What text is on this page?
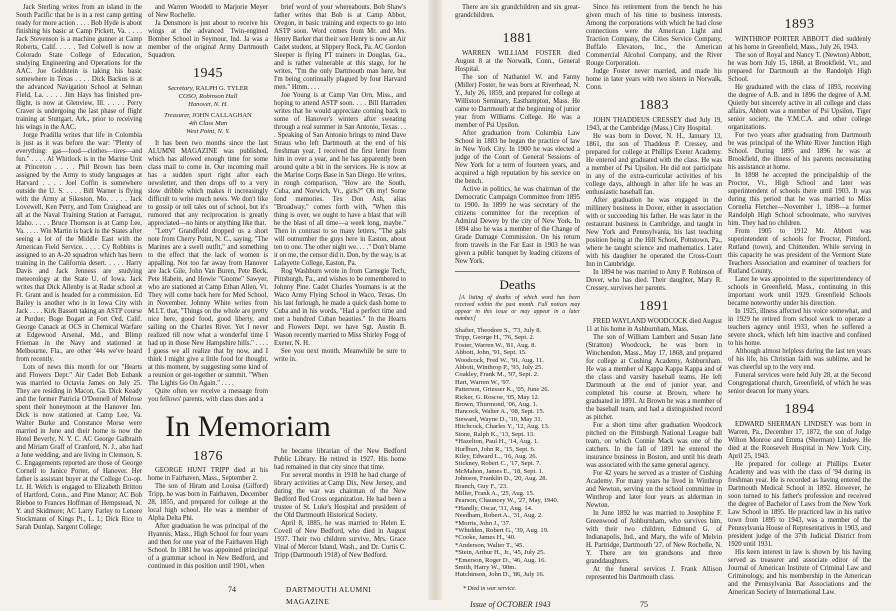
Jack Sterling writes from an island in the South Pacific that he is in a rest camp getting ready for more action . . . . Bob Hyde is about finishing his basic at Camp Pickett, Va. . . . . Jack Stevenson is a machine gunner at Camp Roberts, Calif. . . . . Ted Colwell is now at Colorado State College of Education, studying Engineering and Operations for the AAC. Joe Goldstein is taking his basic somewhere in Texas . . . . Dick Backus is at the advanced Navigation School at Selman Field, La. . . . . Jim Hays has finished pre-flight, is now at Glenview, Ill. . . . . Perry Craver is undergoing the last phase of flight training at Stuttgart, Ark., prior to receiving his wings in the AAC.

Jorge Pradilla writes that life in Colombia is just as it was before the war: "Plenty of everything: gas—food—clothes—tires—and fun." . . . . Al Whitlock is in the Marine Unit at Princeton . . . . Phil Brown has been assigned by the Army to study languages at Harvard . . . . Joel Coffin is somewhere outside the U. S. . . . . Bill Warner is flying with the Army at Sikeston, Mo. . . . . Jack Lovewell, Ken Perry, and Tom Craighead are all at the Naval Training Station at Farragut, Idaho. . . . . Bruce Thomson is at Camp Lee, Va. . . . . Win Martin is back in the States after seeing a lot of the Middle East with the American Field Service. . . . . Cy Robbins is assigned to an A-20 squadron which has been training in the California desert. . . . . Harry Davis and Jack Jenness are studying meteorology at the State U. of Iowa. Jack writes that Dick Allenby is at Radar school at Ft. Grant and is headed for a commission. Ed Bailey is another who is in Iowa City with Jack . . . . Kirk Bassett taking an ASTP course at Purdue; Boge Bogart at Fort Ord, Calif. George Canack at OCS in Chemical Warfare at Edgewood Arsenal, Md., and Blimp Frieman in the Navy and stationed at Melbourne, Fla., are other '44s we've heard from recently.

Lots of news this month for our "Hearts and Flowers Dept." Air Cadet Bob Eubank was married to Octavia James on July 25. They are residing in Macon, Ga. Dick Keady and the former Patricia O'Donnell of Melrose spent their honeymoon at the Hanover Inn. Dick is now stationed at Camp Lee, Va. Walter Burke and Constance Morse were married in June and their home is now the Hotel Beverly, N. Y. C. AC George Galbraith and Miriam Graff of Cranford, N. J., also had a June wedding, and are living in Clemson, S. C. Engagements reported are those of George Cornell to Janice Porter, of Hanover. Her father is assistant buyer at the College Co-op. Lt. H. Welch is engaged to Elizabeth Britton of Hartford, Conn., and Pine Manor; AC Bob Rieboe to Frances Hoffman of Hempstead, N. Y. and Skidmore; AC Larry Farley to Lenore Stockmann of Kings Pt., L. I.; Dick Rice to Sarah Dunlap, Sargent College;

and Warren Woodell to Marjorie Meyer of New Rochelle.

Ja Densmore is just about to receive his wings at the advanced Twin-engined Bomber School in Seymour, Ind. Ja was a member of the original Army Dartmouth Squadron.

1945
Secretary, RALPH G. TYLER
COSO, Robinson Hall
Hanover, N. H.
Treasurer, JOHN CALLAGHAN
4th Class Man
West Point, N. Y.

It has been two months since the last ALUMNI MAGAZINE was published, which has allowed enough time for some class mail to come in. Our incoming mail has a sudden spurt right after each newsletter, and then drops off to a very slow dribble which makes it increasingly difficult to write much news. We don't like to gossip or tell tales out of school, but it's rumored that any reciprocation is greatly appreciated—no hints or anything like that.

"Letty" Grandfield dropped us a short note from Cherry Point, N. C., saying, "The Marines are a swell outfit," and something to the effect that the lack of women is appalling. Not too far away from Hanover are Jack Gile, John Van Buren, Pete Beck, Pete Habein, and Howie "Gnome" Sawyer, who are stationed at Camp Ethan Allen, Vt. They will come back here for Med School, in November. Johnny White writes from M.I.T. that, "Things on the whole are pretty nice here, good food, good liberty, and sailing on the Charles River. Yet I never realized till now what a wonderful time I had up in those New Hampshire hills." . . . . I guess we all realize that by now, and I think I might give a little food for thought, at this moment, by suggesting some kind of a reunion or get-together or summit. "When The Lights Go On Again." . . . .

Quite often we receive a message from you fellows' parents, with class dues and a

brief word of your whereabouts. Bob Shaw's father writes that Bob is at Camp Abbot, Oregon, in basic training and expects to go into ASTP soon. Word comes from Mr. and Mrs. Henry Barker that their son Henry is now an Air Cadet student, at Slippery Rock, Pa. AC Gordon Sleeper is flying PT trainers in Douglas, Ga., and is rather vulnerable at this stage, for he writes, "I'm the only Dartmouth man here, but I'm being continually plagued by four Harvard men." Hmm. . . .

Joe Young is at Camp Van Orn, Miss., and hoping to attend ASTP soon. . . . Bill Harraden writes that he would appreciate coming back to some of Hanover's winters after sweating through a real summer in San Antonio, Texas. . . . Speaking of San Antonio brings to mind Dave Straus who left Dartmouth at the end of his freshman year. I received the first letter from him in over a year, and he has apparently been around quite a bit in the services. He is now at the Marine Corps Base in San Diego. He writes, in rough comparison, "How are the South, Cuba, and Norwich, Vt., girls?" Oh my! Some fond memories. Tex Don Ash, alias "Broadway," comes forth with, "When this thing is over, we ought to have a blast that will be the blast of all time—a week long, maybe." Then in contrast to so many letters, "The gals will outnumber the guys here in Easton, about ten to one. The other night we. . . ." Don't blame it on me, the censor did it. Don, by the way, is at Lafayette College, Easton, Pa.

Rog Washburn wrote in from Carnegie Tech, Pittsburgh, Pa., and wishes to be remembered to Johnny Pine. Cadet Charles Youmans is at the Waco Army Flying School in Waco, Texas. On his last furlough, he made a quick dash home to Cuba and in his words, "Had a perfect time and met a hundred Cuban beauties." In the Hearts and Flowers Dept. we have Sgt. Austin B. Wason recently married to Miss Shirley Fogg of Exeter, N. H.

See you next month. Meanwhile be sure to write in.

In Memoriam
1876

GEORGE HUNT TRIPP died at his home in Fairhaven, Mass., September 2.

The son of Hiram and Louisa (Gifford) Tripp, he was born in Fairhaven, December 28, 1855, and prepared for college at the local high school. He was a member of Alpha Delta Phi.

After graduation he was principal of the Hyannis, Mass., High School for four years and then for one year of the Fairhaven High School. In 1881 he was appointed principal of a grammar school in New Bedford, and continued in this position until 1901, when

he became librarian of the New Bedford Public Library. He retired in 1927. His home had remained in that city since that time.

For several months in 1918 he had charge of library activities at Camp Dix, New Jersey, and during the war was chairman of the New Bedford Red Cross organization. He had been a trustee of St. Luke's Hospital and president of the Old Dartmouth Historical Society.

April 8, 1885, he was married to Helen E. Covell of New Bedford, who died in August 1937. Their two children survive, Mrs. Grace Vinal of Mercer Island, Wash., and Dr. Curtis C. Tripp (Dartmouth 1918) of New Bedford.

74	DARTMOUTH ALUMNI MAGAZINE

There are six grandchildren and six great-grandchildren.

1881

WARREN WILLIAM FOSTER died August 8 at the Norwalk, Conn., General Hospital.

The son of Nathaniel W. and Fanny (Miller) Foster, he was born at Riverhead, N. Y., July 26, 1859, and prepared for college at Williston Seminary, Easthampton, Mass. He came to Dartmouth at the beginning of junior year from Williams College. He was a member of Psi Upsilon.

After graduation from Columbia Law School in 1883 he began the practice of law in New York City. In 1900 he was elected a judge of the Court of General Sessions of New York for a term of fourteen years, and acquired a high reputation by his service on the bench.

Active in politics, he was chairman of the Democratic Campaign Committee from 1895 to 1900. In 1899 he was secretary of the citizens committee for the reception of Admiral Dewey by the city of New York. In 1894 also he was a member of the Change of Grade Damage Commission. On his return from travels in the Far East in 1903 he was given a public banquet by leading citizens of New York.

Deaths
[A listing of deaths of which word has been received within the past month. Full notices may appear in this issue or may appear in a later number.]
Shafter, Theodore S., '73, July 8.
Tripp, George H., '76, Sept. 2.
Foster, Warren W., '81, Aug. 8.
Abbott, John, '91, Sept. 15.
Woodcock, Fred W., '91, Aug. 11.
Abbott, Winthrop P., '93, July 25.
Coakley, Frank M., '97, Sept. 2.
Hart, Warren W., '97.
Patterson, Griesser K., '05, June 26.
Ricker, G. Roscoe, '05, May 12.
Brown, Thurmond, '06, Aug. 1.
Hancock, Walter A., '08, Sept. 15.
Steward, Wayne D., '10, May 31.
Hitchcock, Charles Y., '12, Aug. 13.
Stone, Ralph K., '13, Sept. 13.
*Hazelton, Paul H., '14, Aug. 1.
Hurlburt, John R., '15, Sept. 6.
Kiley, Edward L., '16, Aug. 26.
Stickney, Robert C., '17, Sept. 7.
McMahon, James E., '18, Sept. 1.
Johnson, Franklin D., '20, Aug. 28.
Branch, Guy F., '23.
Miller, Frank A., '25, Aug. 15.
Pearson, Chauncey W., '27, May, 1940.
*Handly, Oscar, '31, Aug. 14.
Needham, Robert A., '31, Aug. 2.
*Morris, John J., '37.
*Whidden, Robert G., '39, Aug. 19.
*Cooke, James H., '40.
*Anderson, Walter T., '45.
*Stein, Arthur H., Jr., '45, July 25.
*Emerson, Roger D., '46, Aug. 16.
Smith, Harry W., '00m.
Hutchinson, John D., '86, July 16.
* Died in war service.

Since his retirement from the bench he has given much of his time to business interests. Among the corporations with which he had close connections were the American Light and Traction Company, the Cities Service Company, Buffalo Elevators, Inc., the American Commercial Alcohol Company, and the River Rouge Corporation.

Judge Foster never married, and made his home in later years with two sisters in Norwalk, Conn.

1883

JOHN THADDEUS CRESSEY died July 19, 1943, at the Cambridge (Mass.) City Hospital.

He was born in Dover, N. H., January 13, 1861, the son of Thaddeus P. Cressey, and prepared for college at Phillips Exeter Academy. He entered and graduated with the class. He was a member of Psi Upsilon. He did not participate in any of the extra-curricular activities of his college days, although in after life he was an enthusiastic baseball fan.

After graduation he was engaged in the millinery business in Dover, either in association with or succeeding his father. He was later in the restaurant business in Cambridge, and taught in New York and Pennsylvania, his last teaching position being at the Hill School, Pottstown, Pa., where he taught science and mathematics. Later with his daughter he operated the Cross-Court Inn in Cambridge.

In 1894 he was married to Amy P. Robinson of Dover, who has died. Their daughter, Mary R. Cressey, survives her parents.

1891

FRED WAYLAND WOODCOCK died August 11 at his home in Ashburnham, Mass.

The son of William Lambert and Susan Jane (Stratton) Woodcock, he was born in Winchendon, Mass., May 17, 1868, and prepared for college at Cushing Academy, Ashburnham. He was a member of Kappa Kappa Kappa and of the class and varsity baseball teams. He left Dartmouth at the end of junior year, and completed his course at Brown, where he graduated in 1891. At Brown he was a member of the baseball team, and had a distinguished record as pitcher.

For a short time after graduation Woodcock pitched on the Pittsburgh National League ball team, on which Connie Mack was one of the catchers. In the fall of 1891 he entered the insurance business in Boston, and until his death was associated with the same general agency.

For 42 years he served as a trustee of Cushing Academy. For many years he lived in Winthrop and Newton, serving on the school committee in Winthrop and later four years as alderman in Newton.

In June 1892 he was married to Josephine F. Greenwood of Ashburnham, who survives him, with their two children, Edmund G. of Indianapolis, Ind., and Mary, the wife of Melvin H. Partridge, Dartmouth '27, of New Rochelle, N. Y. There are ten grandsons and three granddaughters.

At the funeral services J. Frank Allison represented his Dartmouth class.

1893

WINTHROP PORTER ABBOTT died suddenly at his home in Greenfield, Mass., July 26, 1943.

The son of Royal and Nancy T. (Newton) Abbott, he was born July 15, 1868, at Brookfield, Vt., and prepared for Dartmouth at the Randolph High School.

He graduated with the class of 1893, receiving the degree of A.B. and in 1896 the degree of A.M. Quietly but sincerely active in all college and class affairs, Abbott was a member of Psi Upsilon, Tiger senior society, the Y.M.C.A. and other college organizations.

For two years after graduating from Dartmouth he was principal of the White River Junction High School. During 1895 and 1896 he was at Brookfield, the illness of his parents necessitating his assistance at home.

In 1898 he accepted the principalship of the Proctor, Vt., High School and later was superintendent of schools there until 1903. It was during this period that he was married to Miss Cornelia Fletcher—November 1, 1898—a former Randolph High School schoolmate, who survives him. They had no children.

From 1905 to 1912 Mr. Abbott was superintendent of schools for Proctor, Pittsford, Rutland (town), and Chittenden. While serving in this capacity he was president of the Vermont State Teachers Association and examiner of teachers for Rutland County.

Later he was appointed to the superintendency of schools in Greenfield, Mass., continuing in this important work until 1929. Greenfield Schools became noteworthy under his direction.

In 1925, illness affected his voice somewhat, and in 1929 he retired from school work to operate a teachers agency until 1933, when he suffered a severe shock, which left him inactive and confined to his home.

Although almost helpless during the last ten years of his life, his Christian faith was sublime, and he was cheerful up to the very end.

Funeral services were held July 28, at the Second Congregational church, Greenfield, of which he was senior deacon for many years.

1894

EDWARD SHERMAN LINDSEY was born in Warren, Pa., December 17, 1872, the son of Judge Wilton Monroe and Emma (Sherman) Lindsey. He died at the Roosevelt Hospital in New York City, April 25, 1943.

He prepared for college at Phillips Exeter Academy and was with the class of '94 during its freshman year. He is recorded as having entered the Dartmouth Medical School in 1892. However, he soon turned to his father's profession and received the degree of Bachelor of Laws from the New York Law School in 1895. He practiced law in his native town from 1895 to 1943, was a member of the Pennsylvania House of Representatives in 1903, and president judge of the 37th Judicial District from 1920 until 1931.

His keen interest in law is shown by his having served as treasurer and associate editor of the Journal of American Institute of Criminal Law and Criminology, and his membership in the American and the Pennsylvania Bar Associations and the American Society of International Law.

Issue of OCTOBER 1943	75
